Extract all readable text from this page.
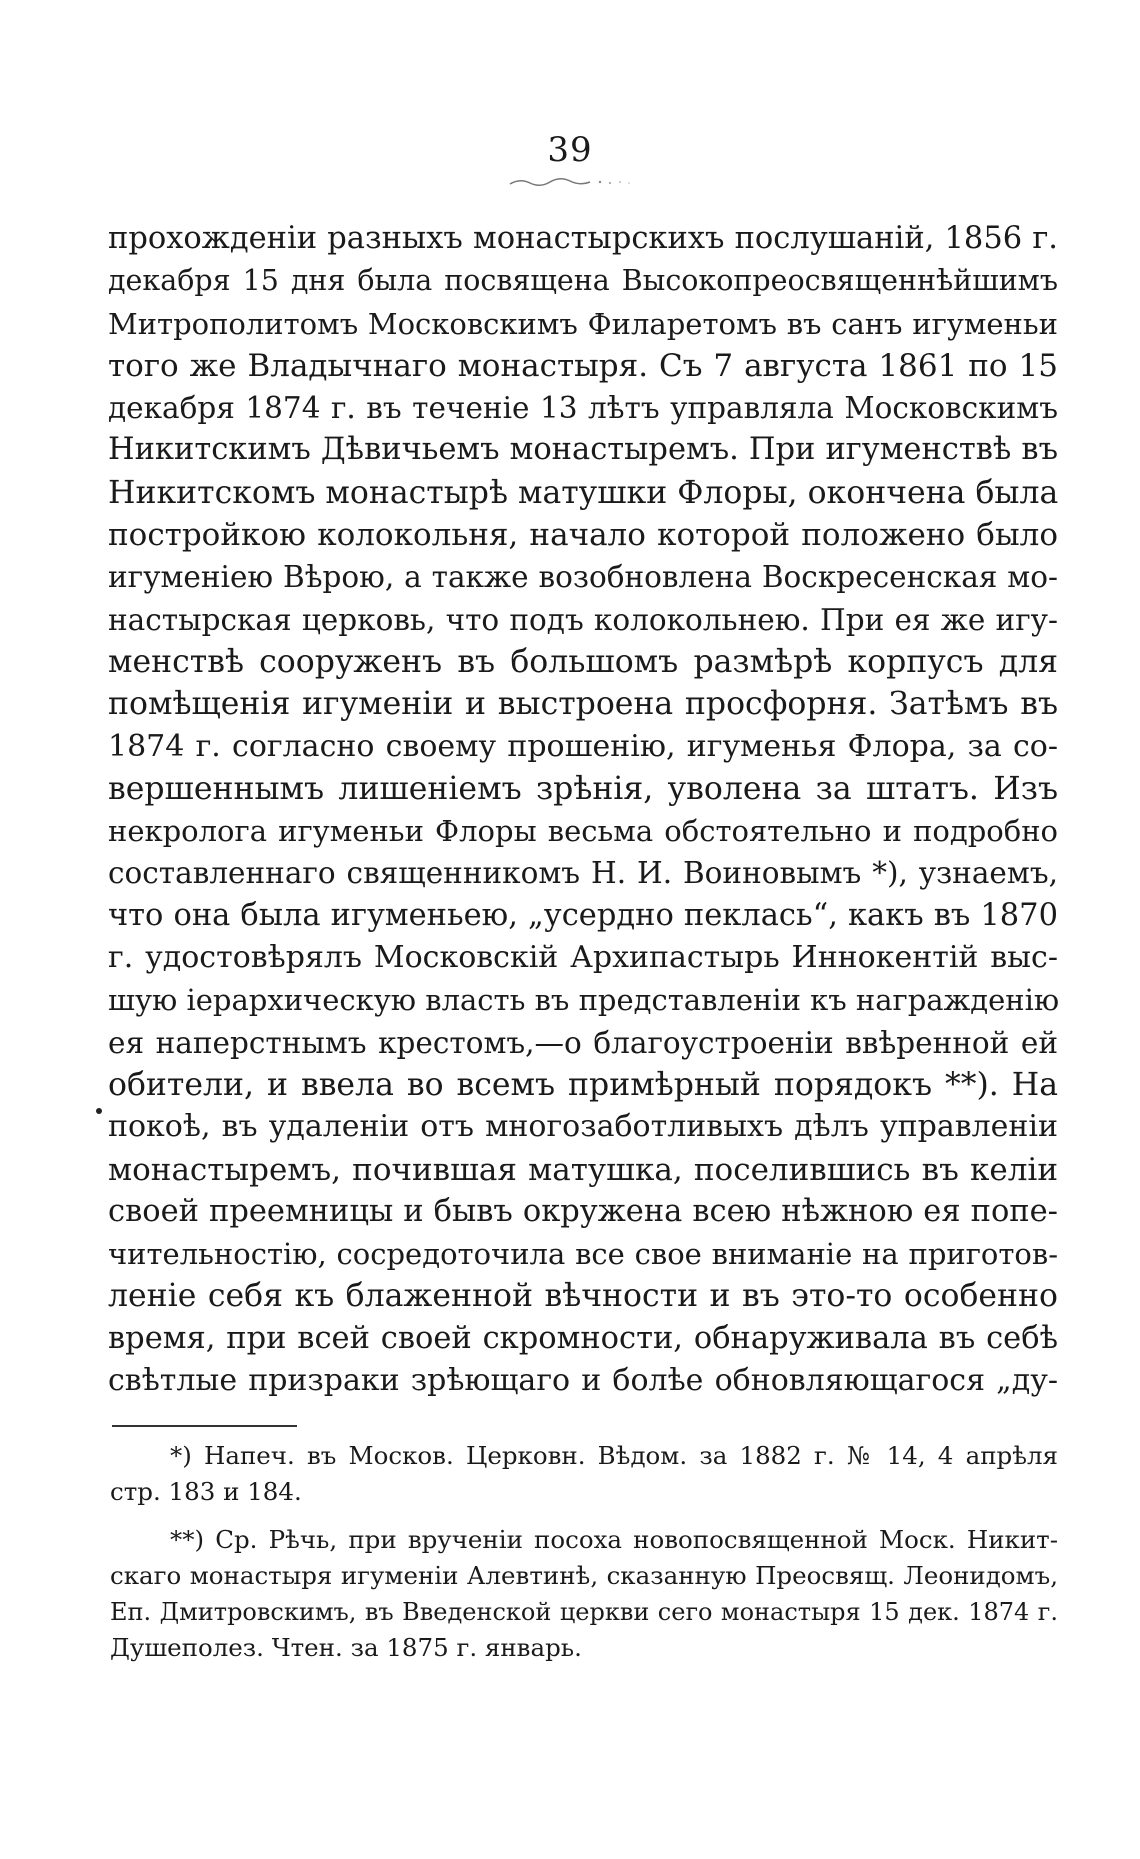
39
прохожденіи разныхъ монастырскихъ послушаній, 1856 г.
декабря 15 дня была посвящена Высокопреосвященнѣйшимъ
Митрополитомъ Московскимъ Филаретомъ въ санъ игуменьи
того же Владычнаго монастыря. Съ 7 августа 1861 по 15
декабря 1874 г. въ теченіе 13 лѣтъ управляла Московскимъ
Никитскимъ Дѣвичьемъ монастыремъ. При игуменствѣ въ
Никитскомъ монастырѣ матушки Флоры, окончена была
постройкою колокольня, начало которой положено было
игуменіею Вѣрою, а также возобновлена Воскресенская мо-
настырская церковь, что подъ колокольнею. При ея же игу-
менствѣ сооруженъ въ большомъ размѣрѣ корпусъ для
помѣщенія игуменіи и выстроена просфорня. Затѣмъ въ
1874 г. согласно своему прошенію, игуменья Флора, за со-
вершеннымъ лишеніемъ зрѣнія, уволена за штатъ. Изъ
некролога игуменьи Флоры весьма обстоятельно и подробно
составленнаго священникомъ Н. И. Воиновымъ *), узнаемъ,
что она была игуменьею, „усердно пеклась“, какъ въ 1870
г. удостовѣрялъ Московскій Архипастырь Иннокентій выс-
шую іерархическую власть въ представленіи къ награжденію
ея наперстнымъ крестомъ,—о благоустроеніи ввѣренной ей
обители, и ввела во всемъ примѣрный порядокъ **). На
покоѣ, въ удаленіи отъ многозаботливыхъ дѣлъ управленіи
монастыремъ, почившая матушка, поселившись въ келіи
своей преемницы и бывъ окружена всею нѣжною ея попе-
чительностію, сосредоточила все свое вниманіе на приготов-
леніе себя къ блаженной вѣчности и въ это-то особенно
время, при всей своей скромности, обнаруживала въ себѣ
свѣтлые призраки зрѣющаго и болѣе обновляющагося „ду-
*) Напеч. въ Москов. Церковн. Вѣдом. за 1882 г. № 14, 4 апрѣля
стр. 183 и 184.
**) Ср. Рѣчь, при врученіи посоха новопосвященной Моск. Никит-
скаго монастыря игуменіи Алевтинѣ, сказанную Преосвящ. Леонидомъ,
Еп. Дмитровскимъ, въ Введенской церкви сего монастыря 15 дек. 1874 г.
Душеполез. Чтен. за 1875 г. январь.
